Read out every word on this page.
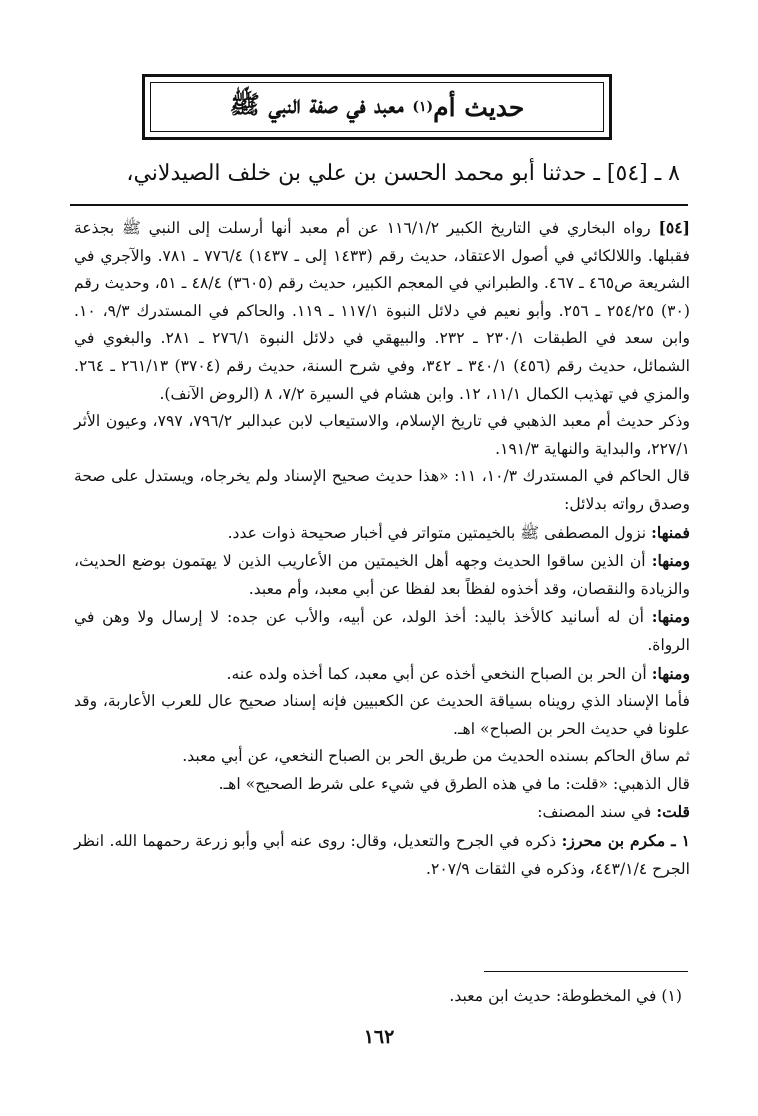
حديث أم
(١)

معبد في صفة النبي ﷺ
٨ ـ [٥٤] ـ حدثنا أبو محمد الحسن بن علي بن خلف الصيدلاني،

[٥٤] رواه البخاري في التاريخ الكبير ١١٦/١/٢ عن أم معبد أنها أرسلت إلى النبي ﷺ بجذعة فقبلها. واللالكائي في أصول الاعتقاد، حديث رقم (١٤٣٣ إلى ـ ١٤٣٧) ٧٧٦/٤ ـ ٧٨١. والآجري في الشريعة ص٤٦٥ ـ ٤٦٧. والطبراني في المعجم الكبير، حديث رقم (٣٦٠٥) ٤٨/٤ ـ ٥١، وحديث رقم (٣٠) ٢٥٤/٢٥ ـ ٢٥٦. وأبو نعيم في دلائل النبوة ١١٧/١ ـ ١١٩. والحاكم في المستدرك ٩/٣، ١٠. وابن سعد في الطبقات ٢٣٠/١ ـ ٢٣٢. والبيهقي في دلائل النبوة ٢٧٦/١ ـ ٢٨١. والبغوي في الشمائل، حديث رقم (٤٥٦) ٣٤٠/١ ـ ٣٤٢، وفي شرح السنة، حديث رقم (٣٧٠٤) ٢٦١/١٣ ـ ٢٦٤. والمزي في تهذيب الكمال ١١/١، ١٢. وابن هشام في السيرة ٧/٢، ٨ (الروض الآنف).

وذكر حديث أم معبد الذهبي في تاريخ الإسلام، والاستيعاب لابن عبدالبر ٧٩٦/٢، ٧٩٧، وعيون الأثر ٢٢٧/١، والبداية والنهاية ١٩١/٣.

قال الحاكم في المستدرك ١٠/٣، ١١: «هذا حديث صحيح الإسناد ولم يخرجاه، ويستدل على صحة وصدق رواته بدلائل:

فمنها: نزول المصطفى ﷺ بالخيمتين متواتر في أخبار صحيحة ذوات عدد.

ومنها: أن الذين ساقوا الحديث وجهه أهل الخيمتين من الأعاريب الذين لا يهتمون بوضع الحديث، والزيادة والنقصان، وقد أخذوه لفظاً بعد لفظا عن أبي معبد، وأم معبد.

ومنها: أن له أسانيد كالأخذ باليد: أخذ الولد، عن أبيه، والأب عن جده: لا إرسال ولا وهن في الرواة.

ومنها: أن الحر بن الصباح النخعي أخذه عن أبي معبد، كما أخذه ولده عنه.

فأما الإسناد الذي رويناه بسياقة الحديث عن الكعبيين فإنه إسناد صحيح عال للعرب الأعاربة، وقد علونا في حديث الحر بن الصباح» اهـ.

ثم ساق الحاكم بسنده الحديث من طريق الحر بن الصباح النخعي، عن أبي معبد.

قال الذهبي: «قلت: ما في هذه الطرق في شيء على شرط الصحيح» اهـ.

قلت: في سند المصنف:

١ ـ مكرم بن محرز: ذكره في الجرح والتعديل، وقال: روى عنه أبي وأبو زرعة رحمهما الله. انظر الجرح ٤٤٣/١/٤، وذكره في الثقات ٢٠٧/٩.

(١) في المخطوطة: حديث ابن معبد.
١٦٢
